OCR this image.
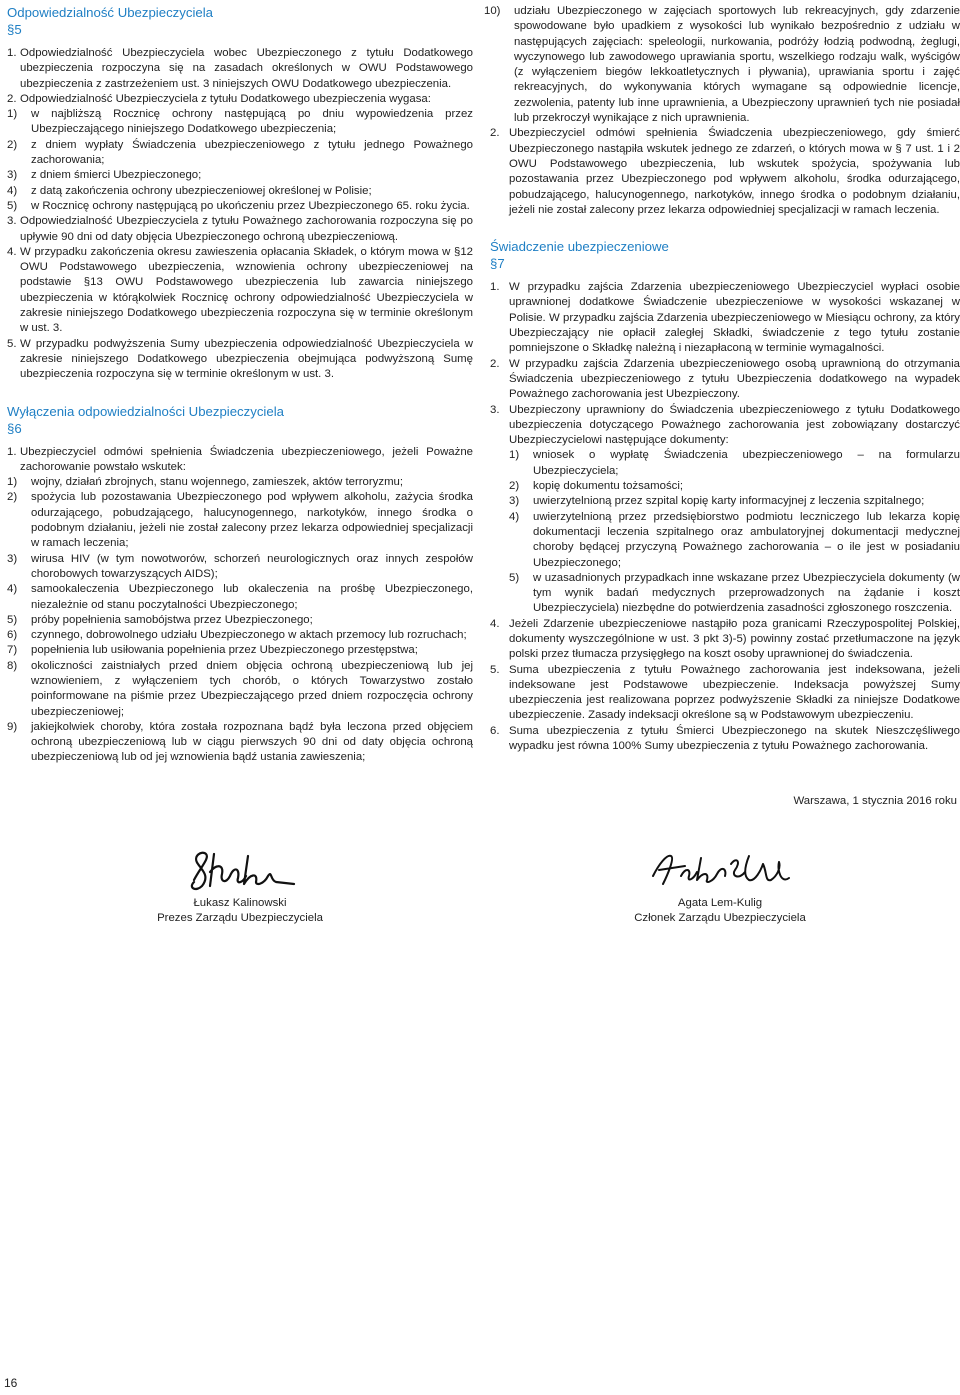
Odpowiedzialność Ubezpieczyciela
§5
1. Odpowiedzialność Ubezpieczyciela wobec Ubezpieczonego z tytułu Dodatkowego ubezpieczenia rozpoczyna się na zasadach określonych w OWU Podstawowego ubezpieczenia z zastrzeżeniem ust. 3 niniejszych OWU Dodatkowego ubezpieczenia.
2. Odpowiedzialność Ubezpieczyciela z tytułu Dodatkowego ubezpieczenia wygasa:
1)	w najbliższą Rocznicę ochrony następującą po dniu wypowiedzenia przez Ubezpieczającego niniejszego Dodatkowego ubezpieczenia;
2)	z dniem wypłaty Świadczenia ubezpieczeniowego z tytułu jednego Poważnego zachorowania;
3)	z dniem śmierci Ubezpieczonego;
4)	z datą zakończenia ochrony ubezpieczeniowej określonej w Polisie;
5)	w Rocznicę ochrony następującą po ukończeniu przez Ubezpieczonego 65. roku życia.
3. Odpowiedzialność Ubezpieczyciela z tytułu Poważnego zachorowania rozpoczyna się po upływie 90 dni od daty objęcia Ubezpieczonego ochroną ubezpieczeniową.
4. W przypadku zakończenia okresu zawieszenia opłacania Składek, o którym mowa w §12 OWU Podstawowego ubezpieczenia, wznowienia ochrony ubezpieczeniowej na podstawie §13 OWU Podstawowego ubezpieczenia lub zawarcia niniejszego ubezpieczenia w którąkolwiek Rocznicę ochrony odpowiedzialność Ubezpieczyciela w zakresie niniejszego Dodatkowego ubezpieczenia rozpoczyna się w terminie określonym w ust. 3.
5. W przypadku podwyższenia Sumy ubezpieczenia odpowiedzialność Ubezpieczyciela w zakresie niniejszego Dodatkowego ubezpieczenia obejmująca podwyższoną Sumę ubezpieczenia rozpoczyna się w terminie określonym w ust. 3.
Wyłączenia odpowiedzialności Ubezpieczyciela
§6
1. Ubezpieczyciel odmówi spełnienia Świadczenia ubezpieczeniowego, jeżeli Poważne zachorowanie powstało wskutek:
1)	wojny, działań zbrojnych, stanu wojennego, zamieszek, aktów terroryzmu;
2)	spożycia lub pozostawania Ubezpieczonego pod wpływem alkoholu, zażycia środka odurzającego, pobudzającego, halucynogennego, narkotyków, innego środka o podobnym działaniu, jeżeli nie został zalecony przez lekarza odpowiedniej specjalizacji w ramach leczenia;
3)	wirusa HIV (w tym nowotworów, schorzeń neurologicznych oraz innych zespołów chorobowych towarzyszących AIDS);
4)	samookaleczenia Ubezpieczonego lub okaleczenia na prośbę Ubezpieczonego, niezależnie od stanu poczytalności Ubezpieczonego;
5)	próby popełnienia samobójstwa przez Ubezpieczonego;
6)	czynnego, dobrowolnego udziału Ubezpieczonego w aktach przemocy lub rozruchach;
7)	popełnienia lub usiłowania popełnienia przez Ubezpieczonego przestępstwa;
8)	okoliczności zaistniałych przed dniem objęcia ochroną ubezpieczeniową lub jej wznowieniem, z wyłączeniem tych chorób, o których Towarzystwo zostało poinformowane na piśmie przez Ubezpieczającego przed dniem rozpoczęcia ochrony ubezpieczeniowej;
9)	jakiejkolwiek choroby, która została rozpoznana bądź była leczona przed objęciem ochroną ubezpieczeniową lub w ciągu pierwszych 90 dni od daty objęcia ochroną ubezpieczeniową lub od jej wznowienia bądź ustania zawieszenia;
10)	udziału Ubezpieczonego w zajęciach sportowych lub rekreacyjnych, gdy zdarzenie spowodowane było upadkiem z wysokości lub wynikało bezpośrednio z udziału w następujących zajęciach: speleologii, nurkowania, podróży łodzią podwodną, żeglugi, wyczynowego lub zawodowego uprawiania sportu, wszelkiego rodzaju walk, wyścigów (z wyłączeniem biegów lekkoatletycznych i pływania), uprawiania sportu i zajęć rekreacyjnych, do wykonywania których wymagane są odpowiednie licencje, zezwolenia, patenty lub inne uprawnienia, a Ubezpieczony uprawnień tych nie posiadał lub przekroczył wynikające z nich uprawnienia.
2. Ubezpieczyciel odmówi spełnienia Świadczenia ubezpieczeniowego, gdy śmierć Ubezpieczonego nastąpiła wskutek jednego ze zdarzeń, o których mowa w § 7 ust. 1 i 2 OWU Podstawowego ubezpieczenia, lub wskutek spożycia, spożywania lub pozostawania przez Ubezpieczonego pod wpływem alkoholu, środka odurzającego, pobudzającego, halucynogennego, narkotyków, innego środka o podobnym działaniu, jeżeli nie został zalecony przez lekarza odpowiedniej specjalizacji w ramach leczenia.
Świadczenie ubezpieczeniowe
§7
1. W przypadku zajścia Zdarzenia ubezpieczeniowego Ubezpieczyciel wypłaci osobie uprawnionej dodatkowe Świadczenie ubezpieczeniowe w wysokości wskazanej w Polisie. W przypadku zajścia Zdarzenia ubezpieczeniowego w Miesiącu ochrony, za który Ubezpieczający nie opłacił zaległej Składki, świadczenie z tego tytułu zostanie pomniejszone o Składkę należną i niezapłaconą w terminie wymagalności.
2. W przypadku zajścia Zdarzenia ubezpieczeniowego osobą uprawnioną do otrzymania Świadczenia ubezpieczeniowego z tytułu Ubezpieczenia dodatkowego na wypadek Poważnego zachorowania jest Ubezpieczony.
3. Ubezpieczony uprawniony do Świadczenia ubezpieczeniowego z tytułu Dodatkowego ubezpieczenia dotyczącego Poważnego zachorowania jest zobowiązany dostarczyć Ubezpieczycielowi następujące dokumenty:
1)	wniosek o wypłatę Świadczenia ubezpieczeniowego – na formularzu Ubezpieczyciela;
2)	kopię dokumentu tożsamości;
3)	uwierzytelnioną przez szpital kopię karty informacyjnej z leczenia szpitalnego;
4)	uwierzytelnioną przez przedsiębiorstwo podmiotu leczniczego lub lekarza kopię dokumentacji leczenia szpitalnego oraz ambulatoryjnej dokumentacji medycznej choroby będącej przyczyną Poważnego zachorowania – o ile jest w posiadaniu Ubezpieczonego;
5)	w uzasadnionych przypadkach inne wskazane przez Ubezpieczyciela dokumenty (w tym wynik badań medycznych przeprowadzonych na żądanie i koszt Ubezpieczyciela) niezbędne do potwierdzenia zasadności zgłoszonego roszczenia.
4. Jeżeli Zdarzenie ubezpieczeniowe nastąpiło poza granicami Rzeczypospolitej Polskiej, dokumenty wyszczególnione w ust. 3 pkt 3)-5) powinny zostać przetłumaczone na język polski przez tłumacza przysięgłego na koszt osoby uprawnionej do świadczenia.
5. Suma ubezpieczenia z tytułu Poważnego zachorowania jest indeksowana, jeżeli indeksowane jest Podstawowe ubezpieczenie. Indeksacja powyższej Sumy ubezpieczenia jest realizowana poprzez podwyższenie Składki za niniejsze Dodatkowe ubezpieczenie. Zasady indeksacji określone są w Podstawowym ubezpieczeniu.
6. Suma ubezpieczenia z tytułu Śmierci Ubezpieczonego na skutek Nieszczęśliwego wypadku jest równa 100% Sumy ubezpieczenia z tytułu Poważnego zachorowania.
Warszawa, 1 stycznia 2016 roku
Łukasz Kalinowski
Prezes Zarządu Ubezpieczyciela
Agata Lem-Kulig
Członek Zarządu Ubezpieczyciela
16
